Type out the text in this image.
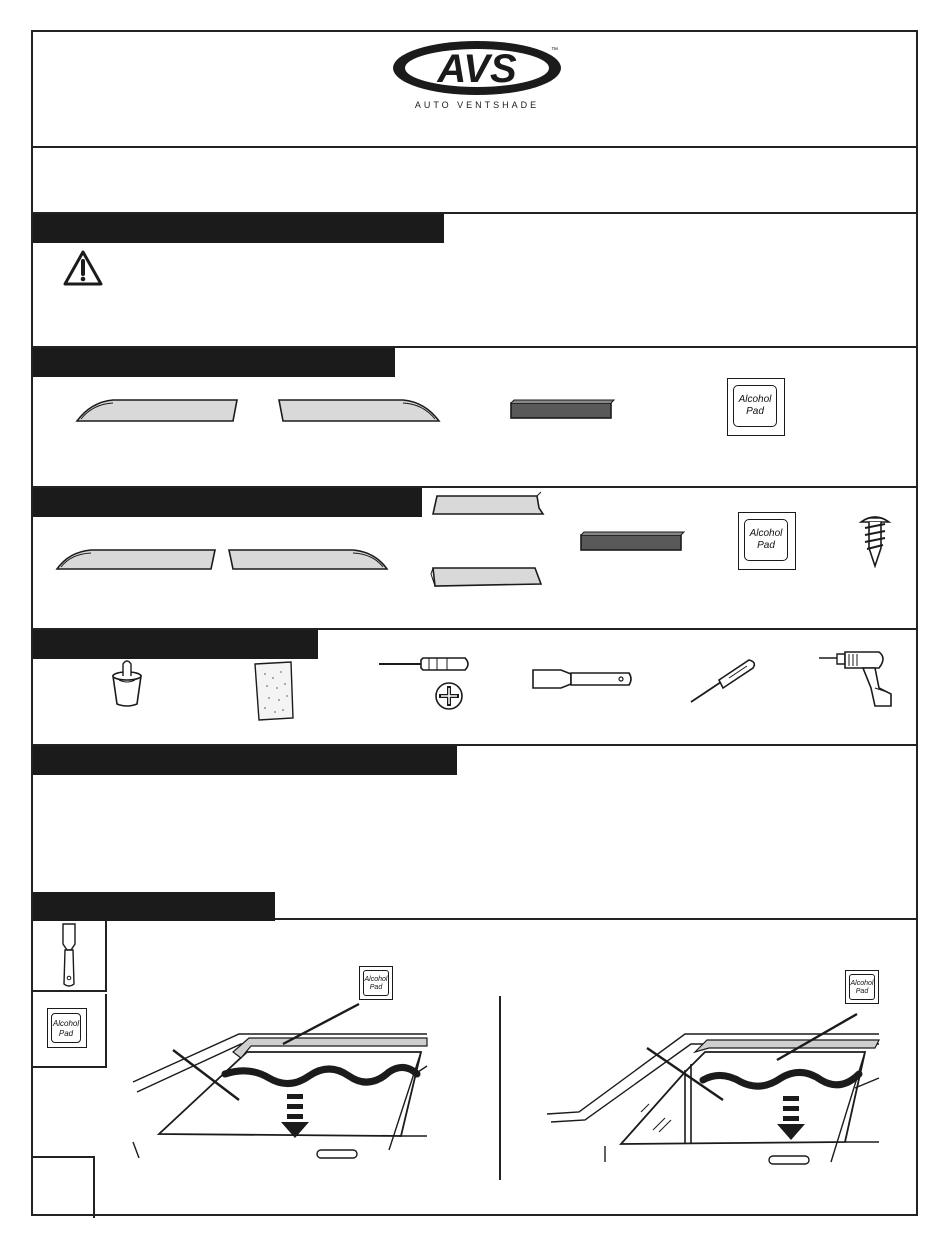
AVS	™
AUTO VENTSHADE
Alcohol
Pad
Alcohol
Pad
Alcohol
Pad
Alcohol
Pad
Alcohol
Pad
